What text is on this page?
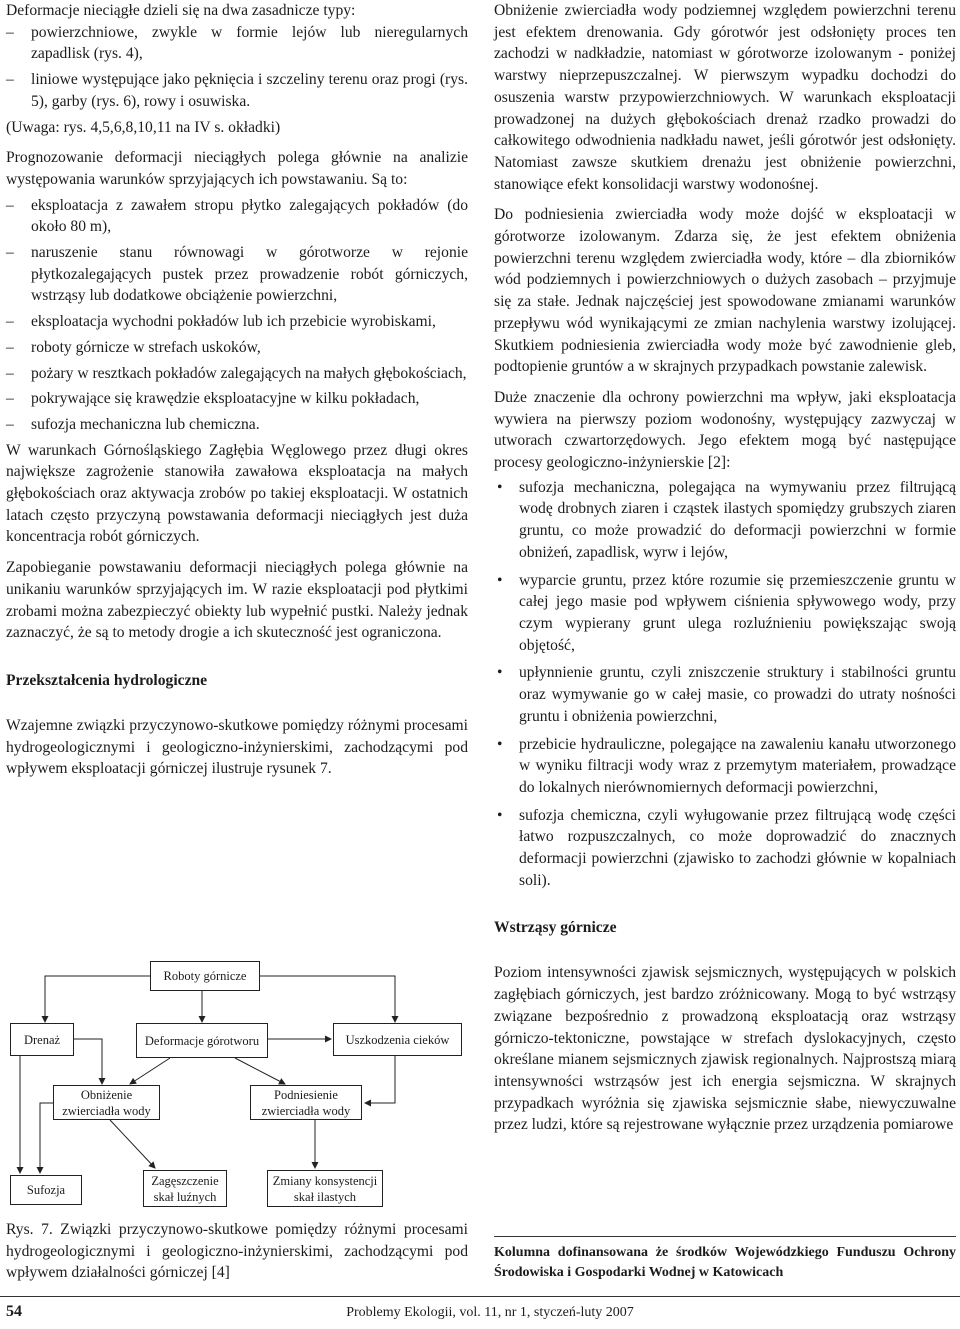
Deformacje nieciągłe dzieli się na dwa zasadnicze typy:

– powierzchniowe, zwykle w formie lejów lub nieregularnych zapadlisk (rys. 4),
– liniowe występujące jako pęknięcia i szczeliny terenu oraz progi (rys. 5), garby (rys. 6), rowy i osuwiska.

(Uwaga: rys. 4,5,6,8,10,11 na IV s. okładki)

Prognozowanie deformacji nieciągłych polega głównie na analizie występowania warunków sprzyjających ich powstawaniu. Są to:

– eksploatacja z zawałem stropu płytko zalegających pokładów (do około 80 m),
– naruszenie stanu równowagi w górotworze w rejonie płytkozalegających pustek przez prowadzenie robót górniczych, wstrząsy lub dodatkowe obciążenie powierzchni,
– eksploatacja wychodni pokładów lub ich przebicie wyrobiskami,
– roboty górnicze w strefach uskoków,
– pożary w resztkach pokładów zalegających na małych głębokościach,
– pokrywające się krawędzie eksploatacyjne w kilku pokładach,
– sufozja mechaniczna lub chemiczna.

W warunkach Górnośląskiego Zagłębia Węglowego przez długi okres największe zagrożenie stanowiła zawałowa eksploatacja na małych głębokościach oraz aktywacja zrobów po takiej eksploatacji. W ostatnich latach często przyczyną powstawania deformacji nieciągłych jest duża koncentracja robót górniczych.

Zapobieganie powstawaniu deformacji nieciągłych polega głównie na unikaniu warunków sprzyjających im. W razie eksploatacji pod płytkimi zrobami można zabezpieczyć obiekty lub wypełnić pustki. Należy jednak zaznaczyć, że są to metody drogie a ich skuteczność jest ograniczona.

Przekształcenia hydrologiczne

Wzajemne związki przyczynowo-skutkowe pomiędzy różnymi procesami hydrogeologicznymi i geologiczno-inżynierskimi, zachodzącymi pod wpływem eksploatacji górniczej ilustruje rysunek 7.

Roboty górnicze
Drenaż	Deformacje górotworu	Uszkodzenia cieków
Obniżenie zwierciadła wody
Podniesienie zwierciadła wody
Sufozja
Zagęszczenie skał luźnych
Zmiany konsystencji skał ilastych

Rys. 7. Związki przyczynowo-skutkowe pomiędzy różnymi procesami hydrogeologicznymi i geologiczno-inżynierskimi, zachodzącymi pod wpływem działalności górniczej [4]

Obniżenie zwierciadła wody podziemnej względem powierzchni terenu jest efektem drenowania. Gdy górotwór jest odsłonięty proces ten zachodzi w nadkładzie, natomiast w górotworze izolowanym - poniżej warstwy nieprzepuszczalnej. W pierwszym wypadku dochodzi do osuszenia warstw przypowierzchniowych. W warunkach eksploatacji prowadzonej na dużych głębokościach drenaż rzadko prowadzi do całkowitego odwodnienia nadkładu nawet, jeśli górotwór jest odsłonięty. Natomiast zawsze skutkiem drenażu jest obniżenie powierzchni, stanowiące efekt konsolidacji warstwy wodonośnej.

Do podniesienia zwierciadła wody może dojść w eksploatacji w górotworze izolowanym. Zdarza się, że jest efektem obniżenia powierzchni terenu względem zwierciadła wody, które – dla zbiorników wód podziemnych i powierzchniowych o dużych zasobach – przyjmuje się za stałe. Jednak najczęściej jest spowodowane zmianami warunków przepływu wód wynikającymi ze zmian nachylenia warstwy izolującej. Skutkiem podniesienia zwierciadła wody może być zawodnienie gleb, podtopienie gruntów a w skrajnych przypadkach powstanie zalewisk.

Duże znaczenie dla ochrony powierzchni ma wpływ, jaki eksploatacja wywiera na pierwszy poziom wodonośny, występujący zazwyczaj w utworach czwartorzędowych. Jego efektem mogą być następujące procesy geologiczno-inżynierskie [2]:

• sufozja mechaniczna, polegająca na wymywaniu przez filtrującą wodę drobnych ziaren i cząstek ilastych spomiędzy grubszych ziaren gruntu, co może prowadzić do deformacji powierzchni w formie obniżeń, zapadlisk, wyrw i lejów,
• wyparcie gruntu, przez które rozumie się przemieszczenie gruntu w całej jego masie pod wpływem ciśnienia spływowego wody, przy czym wypierany grunt ulega rozluźnieniu powiększając swoją objętość,
• upłynnienie gruntu, czyli zniszczenie struktury i stabilności gruntu oraz wymywanie go w całej masie, co prowadzi do utraty nośności gruntu i obniżenia powierzchni,
• przebicie hydrauliczne, polegające na zawaleniu kanału utworzonego w wyniku filtracji wody wraz z przemytym materiałem, prowadzące do lokalnych nierównomiernych deformacji powierzchni,
• sufozja chemiczna, czyli wyługowanie przez filtrującą wodę części łatwo rozpuszczalnych, co może doprowadzić do znacznych deformacji powierzchni (zjawisko to zachodzi głównie w kopalniach soli).
Wstrząsy górnicze

Poziom intensywności zjawisk sejsmicznych, występujących w polskich zagłębiach górniczych, jest bardzo zróżnicowany. Mogą to być wstrząsy związane bezpośrednio z prowadzoną eksploatacją oraz wstrząsy górniczo-tektoniczne, powstające w strefach dyslokacyjnych, często określane mianem sejsmicznych zjawisk regionalnych. Najprostszą miarą intensywności wstrząsów jest ich energia sejsmiczna. W skrajnych przypadkach wyróżnia się zjawiska sejsmicznie słabe, niewyczuwalne przez ludzi, które są rejestrowane wyłącznie przez urządzenia pomiarowe

Kolumna dofinansowana że środków Wojewódzkiego Funduszu Ochrony Środowiska i Gospodarki Wodnej w Katowicach

54	Problemy Ekologii, vol. 11, nr 1, styczeń-luty 2007
